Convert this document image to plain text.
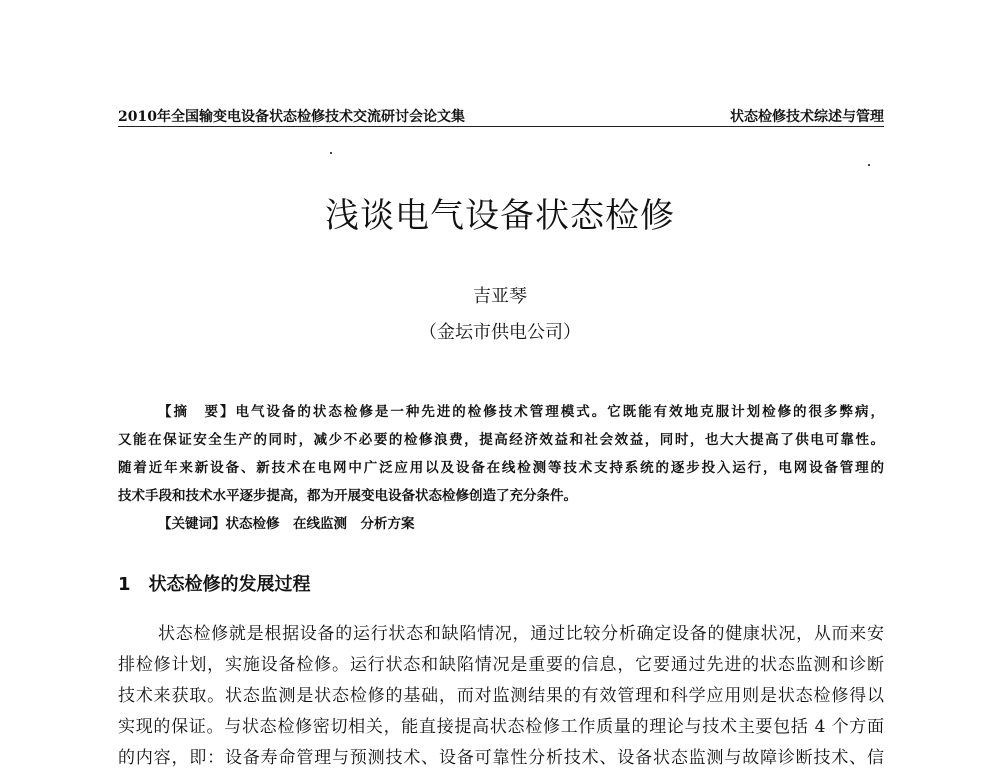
2010年全国输变电设备状态检修技术交流研讨会论文集	状态检修技术综述与管理
浅谈电气设备状态检修
吉亚琴
（金坛市供电公司）
【摘　要】电气设备的状态检修是一种先进的检修技术管理模式。它既能有效地克服计划检修的很多弊病，
又能在保证安全生产的同时，减少不必要的检修浪费，提高经济效益和社会效益，同时，也大大提高了供电可靠性。
随着近年来新设备、新技术在电网中广泛应用以及设备在线检测等技术支持系统的逐步投入运行，电网设备管理的
技术手段和技术水平逐步提高，都为开展变电设备状态检修创造了充分条件。
【关键词】状态检修  在线监测  分析方案
1 状态检修的发展过程
状态检修就是根据设备的运行状态和缺陷情况，通过比较分析确定设备的健康状况，从而来安
排检修计划，实施设备检修。运行状态和缺陷情况是重要的信息，它要通过先进的状态监测和诊断
技术来获取。状态监测是状态检修的基础，而对监测结果的有效管理和科学应用则是状态检修得以
实现的保证。与状态检修密切相关，能直接提高状态检修工作质量的理论与技术主要包括 4 个方面
的内容，即：设备寿命管理与预测技术、设备可靠性分析技术、设备状态监测与故障诊断技术、信
